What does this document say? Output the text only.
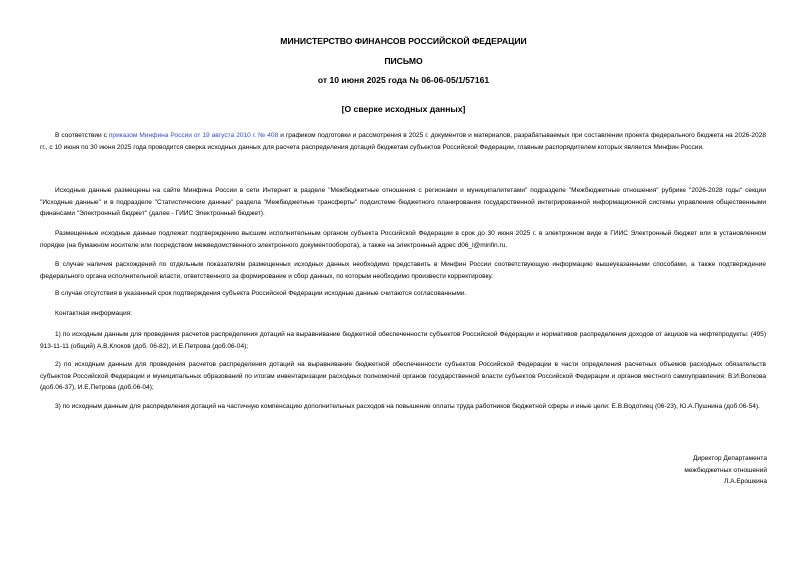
МИНИСТЕРСТВО ФИНАНСОВ РОССИЙСКОЙ ФЕДЕРАЦИИ
ПИСЬМО
от 10 июня 2025 года № 06-06-05/1/57161
[О сверке исходных данных]

В соответствии с приказом Минфина России от 19 августа 2010 г. № 408 и графиком подготовки и рассмотрения в 2025 г. документов и материалов, разрабатываемых при составлении проекта федерального бюджета на 2026-2028 гг., с 10 июня по 30 июня 2025 года проводится сверка исходных данных для расчета распределения дотаций бюджетам субъектов Российской Федерации, главным распорядителем которых является Минфин России.

Исходные данные размещены на сайте Минфина России в сети Интернет в разделе "Межбюджетные отношения с регионами и муниципалитетами" подразделе "Межбюджетные отношения" рубрике "2026-2028 годы" секции "Исходные данные" и в подразделе "Статистические данные" раздела "Межбюджетные трансферты" подсистеме бюджетного планирования государственной интегрированной информационной системы управления общественными финансами "Электронный бюджет" (далее - ГИИС Электронный бюджет).

Размещенные исходные данные подлежат подтверждению высшим исполнительным органом субъекта Российской Федерации в срок до 30 июня 2025 г. в электронном виде в ГИИС Электронный бюджет или в установленном порядке (на бумажном носителе или посредством межведомственного электронного документооборота), а также на электронный адрес d06_l@minfin.ru.

В случае наличия расхождений по отдельным показателям размещенных исходных данных необходимо представить в Минфин России соответствующую информацию вышеуказанными способами, а также подтверждение федерального органа исполнительной власти, ответственного за формирование и сбор данных, по которым необходимо произвести корректировку.

В случае отсутствия в указанный срок подтверждения субъекта Российской Федерации исходные данные считаются согласованными.

Контактная информация:

1) по исходным данным для проведения расчетов распределения дотаций на выравнивание бюджетной обеспеченности субъектов Российской Федерации и нормативов распределения доходов от акцизов на нефтепродукты: (495) 913-11-11 (общий) А.В.Клоков (доб. 06-82), И.Е.Петрова (доб.06-04);

2) по исходным данным для проведения расчетов распределения дотаций на выравнивание бюджетной обеспеченности субъектов Российской Федерации в части определения расчетных объемов расходных обязательств субъектов Российской Федерации и муниципальных образований по итогам инвентаризации расходных полномочий органов государственной власти субъектов Российской Федерации и органов местного самоуправления: В.И.Волкова (доб.06-37), И.Е.Петрова (доб.06-04);

3) по исходным данным для распределения дотаций на частичную компенсацию дополнительных расходов на повышение оплаты труда работников бюджетной сферы и иные цели: Е.В.Водотиец (06-23), Ю.А.Пушнина (доб.06-54).

Директор Департамента
межбюджетных отношений
Л.А.Ерошкина
